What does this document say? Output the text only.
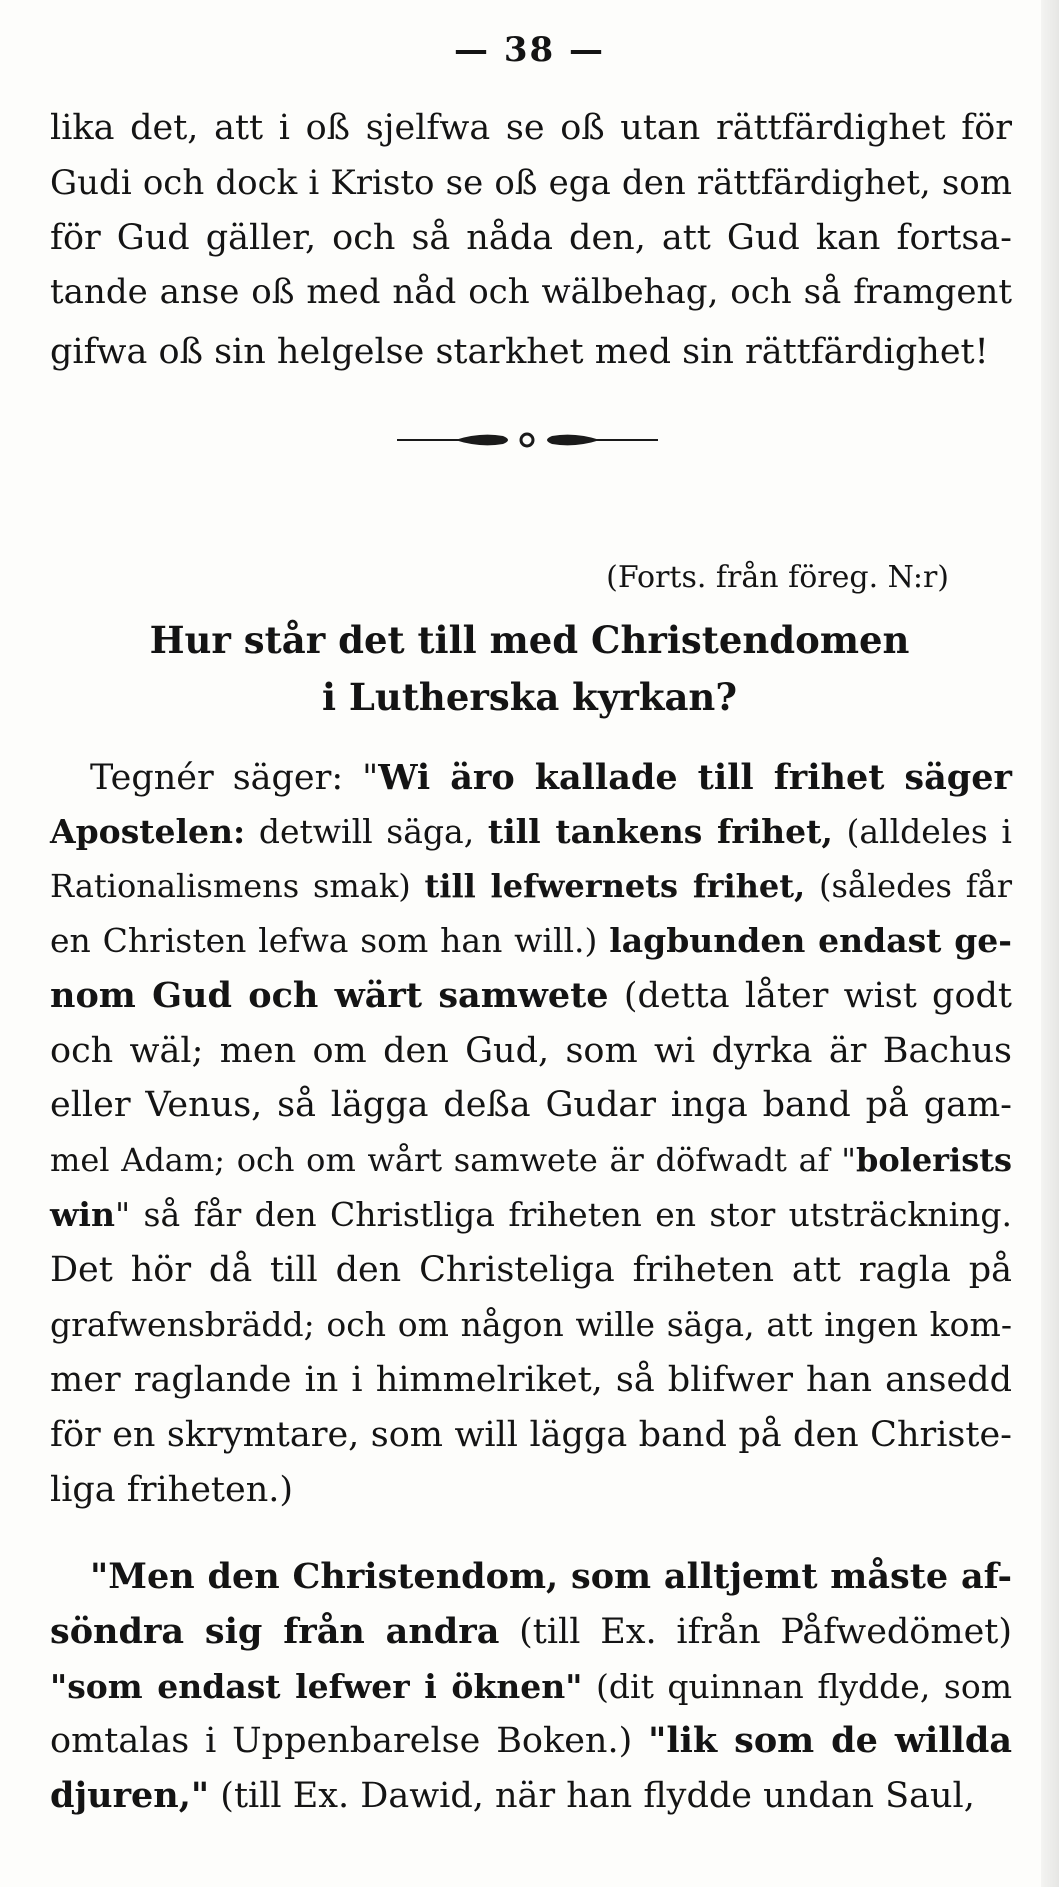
— 38 —
lika det, att i oß sjelfwa se oß utan rättfärdighet för
Gudi och dock i Kristo se oß ega den rättfärdighet, som
för Gud gäller, och så nåda den, att Gud kan fortsa-
tande anse oß med nåd och wälbehag, och så framgent
gifwa oß sin helgelse starkhet med sin rättfärdighet!
(Forts. från föreg. N:r)
Hur står det till med Christendomen
i Lutherska kyrkan?
Tegnér säger: "Wi äro kallade till frihet säger
Apostelen: detwill säga, till tankens frihet, (alldeles i
Rationalismens smak) till lefwernets frihet, (således får
en Christen lefwa som han will.) lagbunden endast ge-
nom Gud och wärt samwete (detta låter wist godt
och wäl; men om den Gud, som wi dyrka är Bachus
eller Venus, så lägga deßa Gudar inga band på gam-
mel Adam; och om wårt samwete är döfwadt af "bolerists
win" så får den Christliga friheten en stor utsträckning.
Det hör då till den Christeliga friheten att ragla på
grafwensbrädd; och om någon wille säga, att ingen kom-
mer raglande in i himmelriket, så blifwer han ansedd
för en skrymtare, som will lägga band på den Christe-
liga friheten.)
"Men den Christendom, som alltjemt måste af-
söndra sig från andra (till Ex. ifrån Påfwedömet)
"som endast lefwer i öknen" (dit quinnan flydde, som
omtalas i Uppenbarelse Boken.) "lik som de willda
djuren," (till Ex. Dawid, när han flydde undan Saul,
